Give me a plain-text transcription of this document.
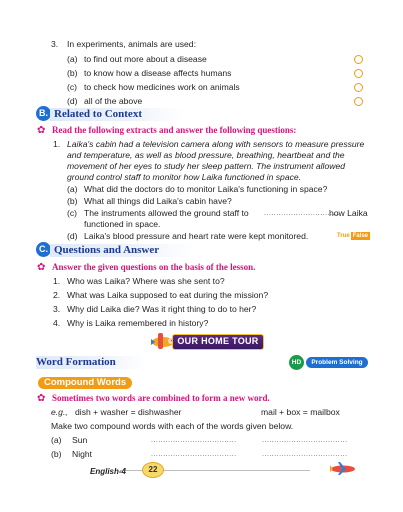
3. In experiments, animals are used:
(a) to find out more about a disease
(b) to know how a disease affects humans
(c) to check how medicines work on animals
(d) all of the above
B. Related to Context
✿ Read the following extracts and answer the following questions:
1. Laika's cabin had a television camera along with sensors to measure pressure
and temperature, as well as blood pressure, breathing, heartbeat and the
movement of her eyes to study her sleep pattern. The instrument allowed
ground control staff to monitor how Laika functioned in space.
(a) What did the doctors do to monitor Laika's functioning in space?
(b) What all things did Laika's cabin have?
(c) The instruments allowed the ground staff to ...............................
how Laika
functioned in space.
(d) Laika's blood pressure and heart rate were kept monitored.	True False
C. Questions and Answer
✿ Answer the given questions on the basis of the lesson.
1. Who was Laika? Where was she sent to?
2. What was Laika supposed to eat during the mission?
3. Why did Laika die? Was it right thing to do to her?
4. Why is Laika remembered in history?
OUR HOME TOUR
Word Formation	HD	Problem Solving
Compound Words
✿ Sometimes two words are combined to form a new word.
e.g., dish + washer = dishwasher	mail + box = mailbox
Make two compound words with each of the words given below.
(a) Sun	...................................	...................................
(b) Night	...................................	...................................
English-4	22
